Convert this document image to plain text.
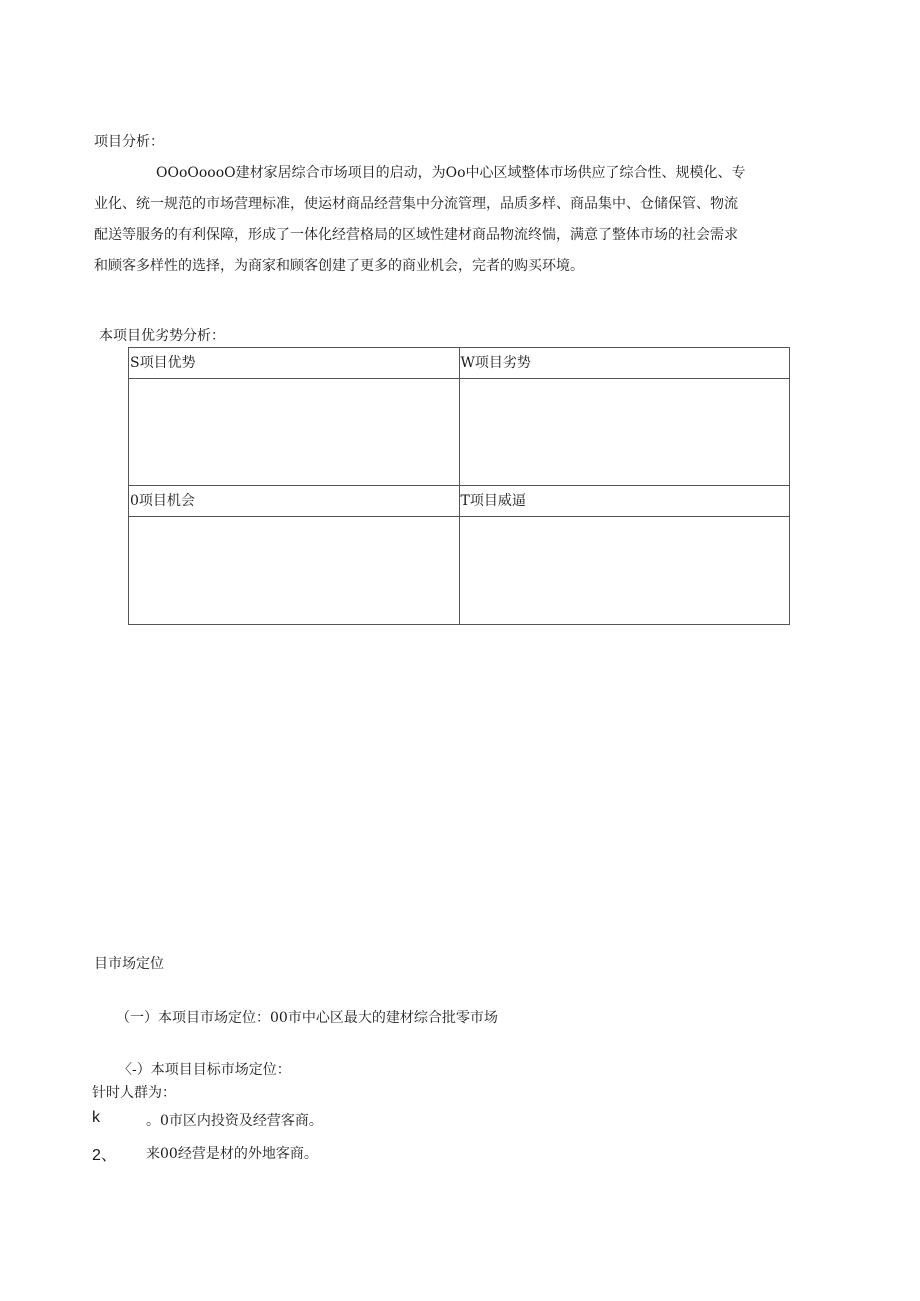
项目分析：
OOoOoooO建材家居综合市场项目的启动，为Oo中心区域整体市场供应了综合性、规模化、专
业化、统一规范的市场营理标准，使运材商品经营集中分流管理，品质多样、商品集中、仓储保管、物流
配送等服务的有利保障，形成了一体化经营格局的区域性建材商品物流终惴，满意了整体市场的社会需求
和顾客多样性的选择，为商家和顾客创建了更多的商业机会，完者的购买环境。
本项目优劣势分析：
S项目优势	W项目劣势

0项目机会	T项目威逼

目市场定位
（一）本项目市场定位：00市中心区最大的建材综合批零市场
〈-）本项目目标市场定位：
针时人群为：
k	。0市区内投资及经营客商。
2、 来00经营是材的外地客商。
